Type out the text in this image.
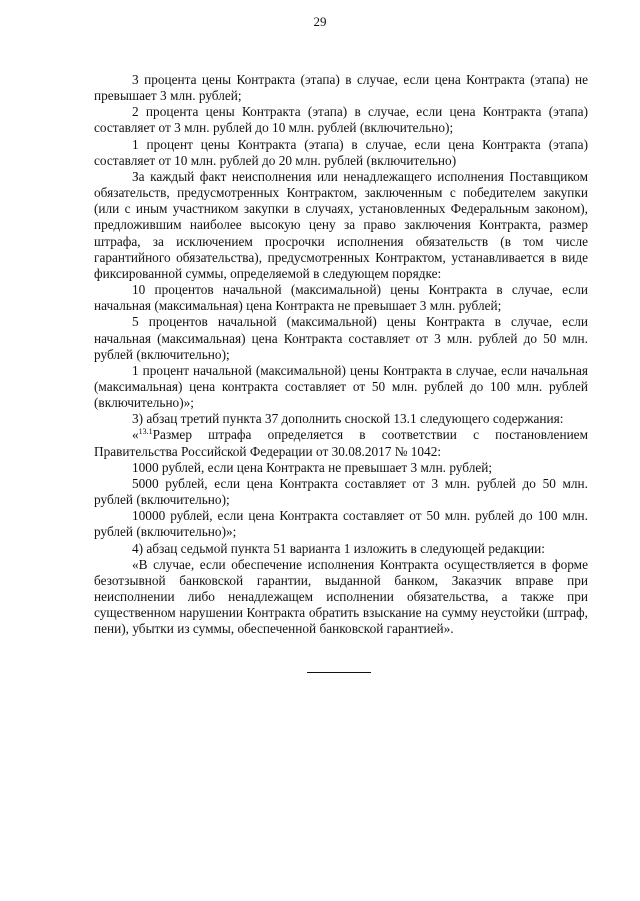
29

3 процента цены Контракта (этапа) в случае, если цена Контракта (этапа) не превышает 3 млн. рублей;

2 процента цены Контракта (этапа) в случае, если цена Контракта (этапа) составляет от 3 млн. рублей до 10 млн. рублей (включительно);

1 процент цены Контракта (этапа) в случае, если цена Контракта (этапа) составляет от 10 млн. рублей до 20 млн. рублей (включительно)

За каждый факт неисполнения или ненадлежащего исполнения Поставщиком обязательств, предусмотренных Контрактом, заключенным с победителем закупки (или с иным участником закупки в случаях, установленных Федеральным законом), предложившим наиболее высокую цену за право заключения Контракта, размер штрафа, за исключением просрочки исполнения обязательств (в том числе гарантийного обязательства), предусмотренных Контрактом, устанавливается в виде фиксированной суммы, определяемой в следующем порядке:

10 процентов начальной (максимальной) цены Контракта в случае, если начальная (максимальная) цена Контракта не превышает 3 млн. рублей;

5 процентов начальной (максимальной) цены Контракта в случае, если начальная (максимальная) цена Контракта составляет от 3 млн. рублей до 50 млн. рублей (включительно);

1 процент начальной (максимальной) цены Контракта в случае, если начальная (максимальная) цена контракта составляет от 50 млн. рублей до 100 млн. рублей (включительно)»;

3) абзац третий пункта 37 дополнить сноской 13.1 следующего содержания:

«$^{13.1}$Размер штрафа определяется в соответствии с постановлением Правительства Российской Федерации от 30.08.2017 № 1042:

1000 рублей, если цена Контракта не превышает 3 млн. рублей;

5000 рублей, если цена Контракта составляет от 3 млн. рублей до 50 млн. рублей (включительно);

10000 рублей, если цена Контракта составляет от 50 млн. рублей до 100 млн. рублей (включительно)»;

4) абзац седьмой пункта 51 варианта 1 изложить в следующей редакции:

«В случае, если обеспечение исполнения Контракта осуществляется в форме безотзывной банковской гарантии, выданной банком, Заказчик вправе при неисполнении либо ненадлежащем исполнении обязательства, а также при существенном нарушении Контракта обратить взыскание на сумму неустойки (штраф, пени), убытки из суммы, обеспеченной банковской гарантией».
